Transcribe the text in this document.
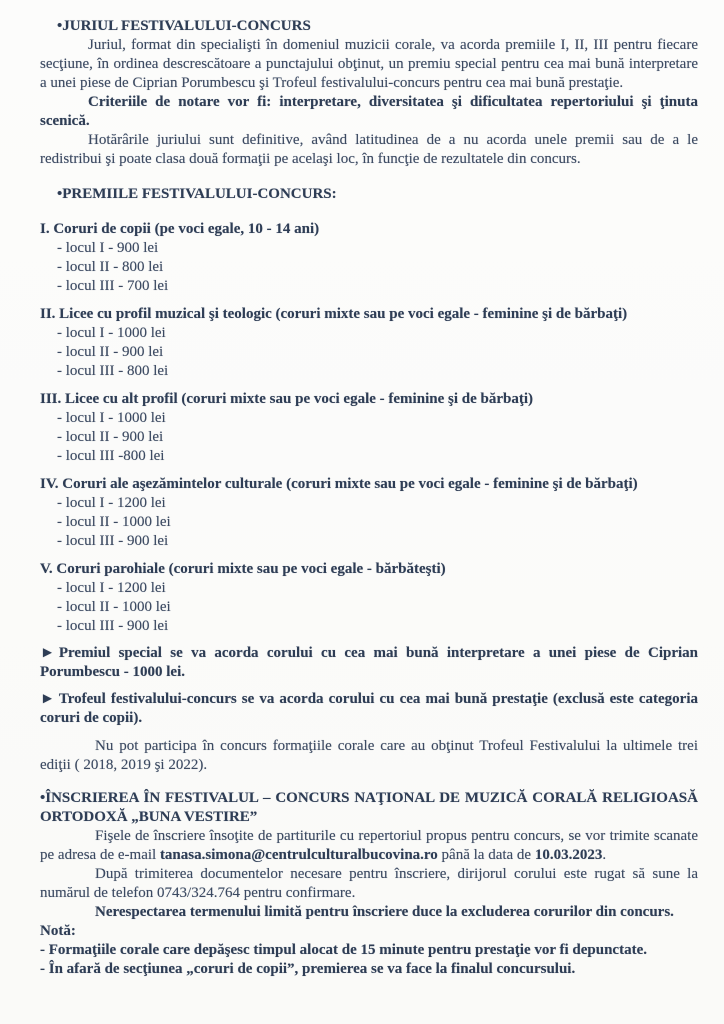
•JURIUL FESTIVALULUI-CONCURS

Juriul, format din specialişti în domeniul muzicii corale, va acorda premiile I, II, III pentru fiecare secţiune, în ordinea descrescătoare a punctajului obţinut, un premiu special pentru cea mai bună interpretare a unei piese de Ciprian Porumbescu şi Trofeul festivalului-concurs pentru cea mai bună prestaţie.

Criteriile de notare vor fi: interpretare, diversitatea şi dificultatea repertoriului şi ţinuta scenică.

Hotărârile juriului sunt definitive, având latitudinea de a nu acorda unele premii sau de a le redistribui şi poate clasa două formaţii pe acelaşi loc, în funcţie de rezultatele din concurs.

•PREMIILE FESTIVALULUI-CONCURS:
I. Coruri de copii (pe voci egale, 10 - 14 ani)
- locul I - 900 lei
- locul II - 800 lei
- locul III - 700 lei
II. Licee cu profil muzical şi teologic (coruri mixte sau pe voci egale - feminine şi de bărbaţi)
- locul I - 1000 lei
- locul II - 900 lei
- locul III - 800 lei
III. Licee cu alt profil (coruri mixte sau pe voci egale - feminine şi de bărbaţi)
- locul I - 1000 lei
- locul II - 900 lei
- locul III -800 lei
IV. Coruri ale aşezămintelor culturale (coruri mixte sau pe voci egale - feminine şi de bărbaţi)
- locul I - 1200 lei
- locul II - 1000 lei
- locul III - 900 lei
V. Coruri parohiale (coruri mixte sau pe voci egale - bărbăteşti)
- locul I - 1200 lei
- locul II - 1000 lei
- locul III - 900 lei

► Premiul special se va acorda corului cu cea mai bună interpretare a unei piese de Ciprian Porumbescu - 1000 lei.

► Trofeul festivalului-concurs se va acorda corului cu cea mai bună prestaţie (exclusă este categoria coruri de copii).

Nu pot participa în concurs formaţiile corale care au obţinut Trofeul Festivalului la ultimele trei ediţii ( 2018, 2019 şi 2022).

•ÎNSCRIEREA ÎN FESTIVALUL – CONCURS NAŢIONAL DE MUZICĂ CORALĂ RELIGIOASĂ ORTODOXĂ „BUNA VESTIRE”

Fişele de înscriere însoţite de partiturile cu repertoriul propus pentru concurs, se vor trimite scanate pe adresa de e-mail tanasa.simona@centrulculturalbucovina.ro până la data de 10.03.2023.

După trimiterea documentelor necesare pentru înscriere, dirijorul corului este rugat să sune la numărul de telefon 0743/324.764 pentru confirmare.

Nerespectarea termenului limită pentru înscriere duce la excluderea corurilor din concurs.

Notă:
- Formaţiile corale care depăşesc timpul alocat de 15 minute pentru prestaţie vor fi depunctate.
- În afară de secţiunea „coruri de copii”, premierea se va face la finalul concursului.
